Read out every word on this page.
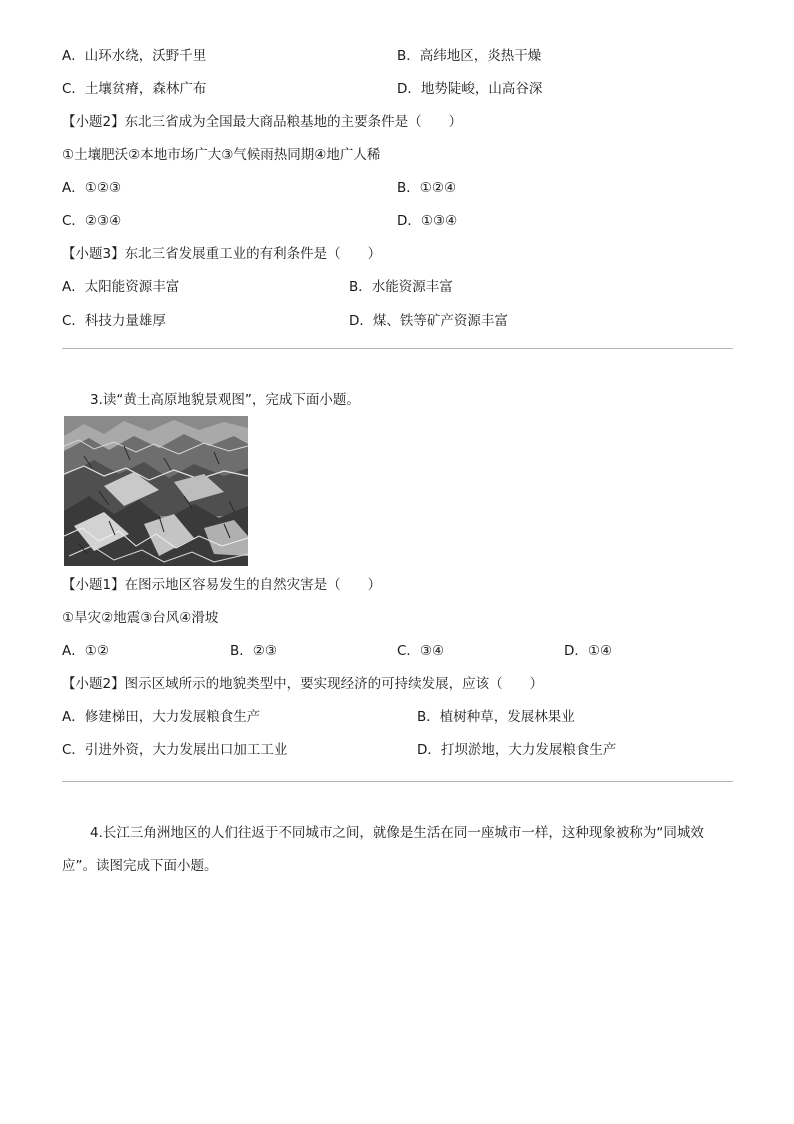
A．山环水绕，沃野千里	B．高纬地区，炎热干燥
C．土壤贫瘠，森林广布	D．地势陡峻，山高谷深
【小题2】东北三省成为全国最大商品粮基地的主要条件是（　　）
①土壤肥沃②本地市场广大③气候雨热同期④地广人稀
A．①②③	B．①②④
C．②③④	D．①③④
【小题3】东北三省发展重工业的有利条件是（　　）
A．太阳能资源丰富	B．水能资源丰富
C．科技力量雄厚	D．煤、铁等矿产资源丰富
3.读“黄土高原地貌景观图”，完成下面小题。
【小题1】在图示地区容易发生的自然灾害是（　　）
①旱灾②地震③台风④滑坡
A．①②	B．②③	C．③④	D．①④
【小题2】图示区域所示的地貌类型中，要实现经济的可持续发展，应该（　　）
A．修建梯田，大力发展粮食生产	B．植树种草，发展林果业
C．引进外资，大力发展出口加工工业	D．打坝淤地，大力发展粮食生产
4.长江三角洲地区的人们往返于不同城市之间，就像是生活在同一座城市一样，这种现象被称为“同城效
应”。读图完成下面小题。
